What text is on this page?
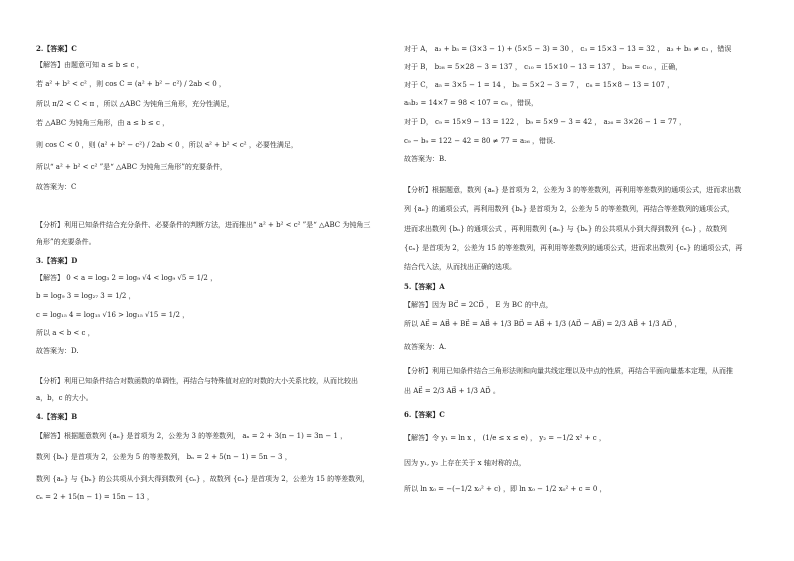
2.【答案】C
【解答】由题意可知 a ≤ b ≤ c ，
若 a² + b² < c² ，则 cos C = (a² + b² − c²) / 2ab < 0 ，
所以 π/2 < C < π ，所以 △ABC 为钝角三角形，充分性满足，
若 △ABC 为钝角三角形，由 a ≤ b ≤ c ，
则 cos C < 0 ，则 (a² + b² − c²) / 2ab < 0 ，所以 a² + b² < c² ，必要性满足，
所以“ a² + b² < c² ”是“ △ABC 为钝角三角形”的充要条件，
故答案为：C
【分析】利用已知条件结合充分条件、必要条件的判断方法，进而推出“ a² + b² < c² ”是“ △ABC 为钝角三
角形”的充要条件。
3.【答案】D
【解答】 0 < a = log₃ 2 = log₉ √4 < log₉ √5 = 1/2 ，
b = log₉ 3 = log₂₇ 3 = 1/2 ，
c = log₁₅ 4 = log₁₅ √16 > log₁₅ √15 = 1/2 ，
所以 a < b < c ，
故答案为：D.
【分析】利用已知条件结合对数函数的单调性，再结合与特殊值对应的对数的大小关系比较，从而比较出
a，b，c 的大小。
4.【答案】B
【解答】根据题意数列 {aₙ} 是首项为 2，公差为 3 的等差数列， aₙ = 2 + 3(n − 1) = 3n − 1 ，
数列 {bₙ} 是首项为 2，公差为 5 的等差数列， bₙ = 2 + 5(n − 1) = 5n − 3 ，
数列 {aₙ} 与 {bₙ} 的公共项从小到大得到数列 {cₙ} ，故数列 {cₙ} 是首项为 2，公差为 15 的等差数列，
cₙ = 2 + 15(n − 1) = 15n − 13 ，
对于 A， a₃ + b₅ = (3×3 − 1) + (5×5 − 3) = 30 ， c₃ = 15×3 − 13 = 32 ， a₃ + b₅ ≠ c₃ ，错误
对于 B， b₂₈ = 5×28 − 3 = 137 ， c₁₀ = 15×10 − 13 = 137 ， b₂₈ = c₁₀ ，正确，
对于 C， a₅ = 3×5 − 1 = 14 ， b₅ = 5×2 − 3 = 7 ， c₈ = 15×8 − 13 = 107 ，
a₅b₂ = 14×7 = 98 < 107 = c₈ ，错误，
对于 D， c₉ = 15×9 − 13 = 122 ， b₉ = 5×9 − 3 = 42 ， a₂₆ = 3×26 − 1 = 77 ，
c₉ − b₉ = 122 − 42 = 80 ≠ 77 = a₂₆ ，错误.
故答案为：B.
【分析】根据题意，数列 {aₙ} 是首项为 2，公差为 3 的等差数列，再利用等差数列的通项公式，进而求出数
列 {aₙ} 的通项公式，再利用数列 {bₙ} 是首项为 2，公差为 5 的等差数列，再结合等差数列的通项公式，
进而求出数列 {bₙ} 的通项公式 ，再利用数列 {aₙ} 与 {bₙ} 的公共项从小到大得到数列 {cₙ} ，故数列
{cₙ} 是首项为 2，公差为 15 的等差数列，再利用等差数列的通项公式，进而求出数列 {cₙ} 的通项公式，再
结合代入法，从而找出正确的选项。
5.【答案】A
【解答】因为 BC⃗ = 2CD⃗ ， E 为 BC 的中点，
所以 AE⃗ = AB⃗ + BE⃗ = AB⃗ + 1/3 BD⃗ = AB⃗ + 1/3 (AD⃗ − AB⃗) = 2/3 AB⃗ + 1/3 AD⃗ ，
故答案为：A.
【分析】利用已知条件结合三角形法则和向量共线定理以及中点的性质，再结合平面向量基本定理，从而推
出 AE⃗ = 2/3 AB⃗ + 1/3 AD⃗ 。
6.【答案】C
【解答】令 y₁ = ln x ， (1/e ≤ x ≤ e) ， y₂ = −1/2 x² + c ，
因为 y₁, y₂ 上存在关于 x 轴对称的点，
所以 ln x₀ = −(−1/2 x₀² + c) ，即 ln x₀ − 1/2 x₀² + c = 0 ，
